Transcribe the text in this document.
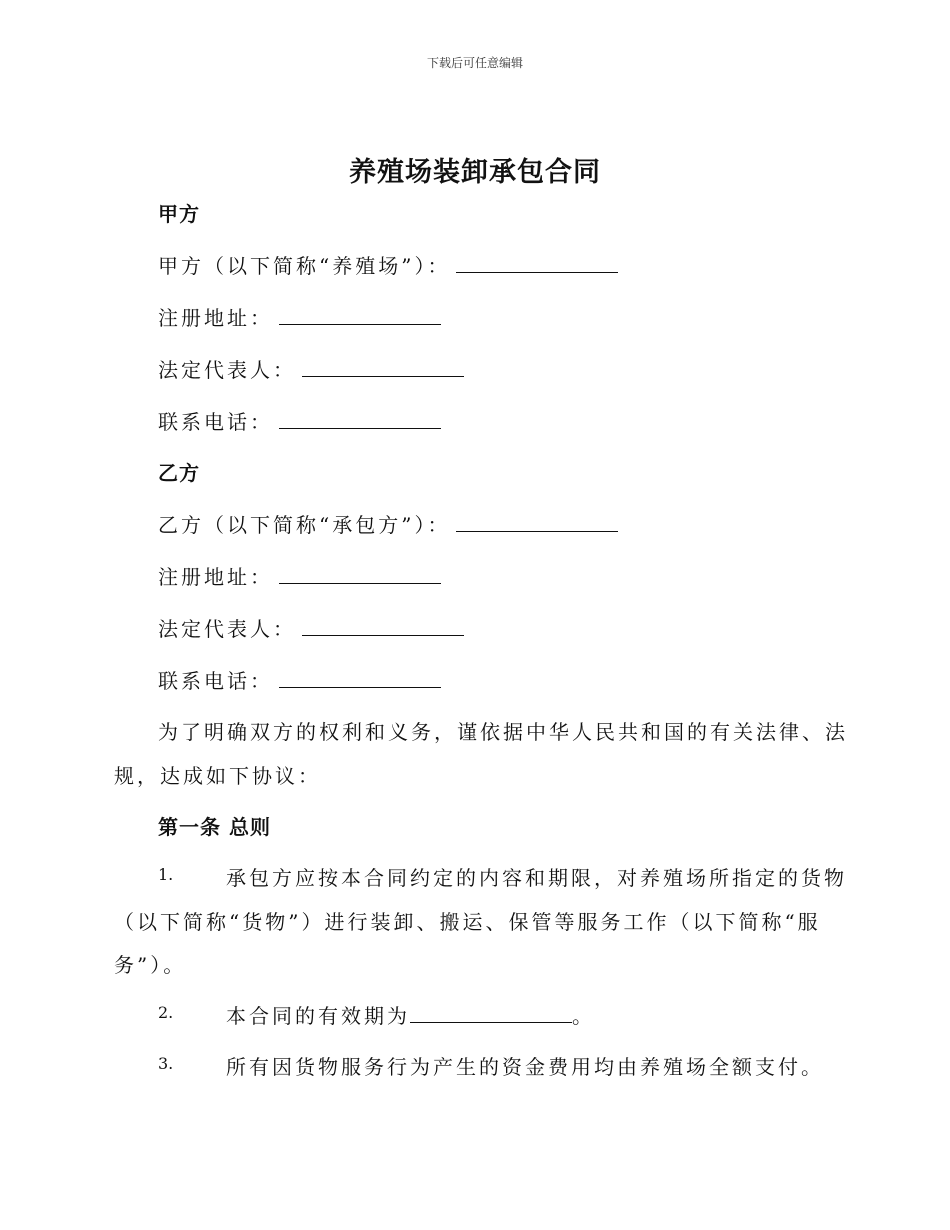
下载后可任意编辑
养殖场装卸承包合同
甲方
甲方（以下简称“养殖场”）：
注册地址：
法定代表人：
联系电话：
乙方
乙方（以下简称“承包方”）：
注册地址：
法定代表人：
联系电话：
为了明确双方的权利和义务，谨依据中华人民共和国的有关法律、法
规，达成如下协议：
第一条 总则
1.	承包方应按本合同约定的内容和期限，对养殖场所指定的货物
（以下简称“货物”）进行装卸、搬运、保管等服务工作（以下简称“服
务”）。
2.	本合同的有效期为	。
3.	所有因货物服务行为产生的资金费用均由养殖场全额支付。
